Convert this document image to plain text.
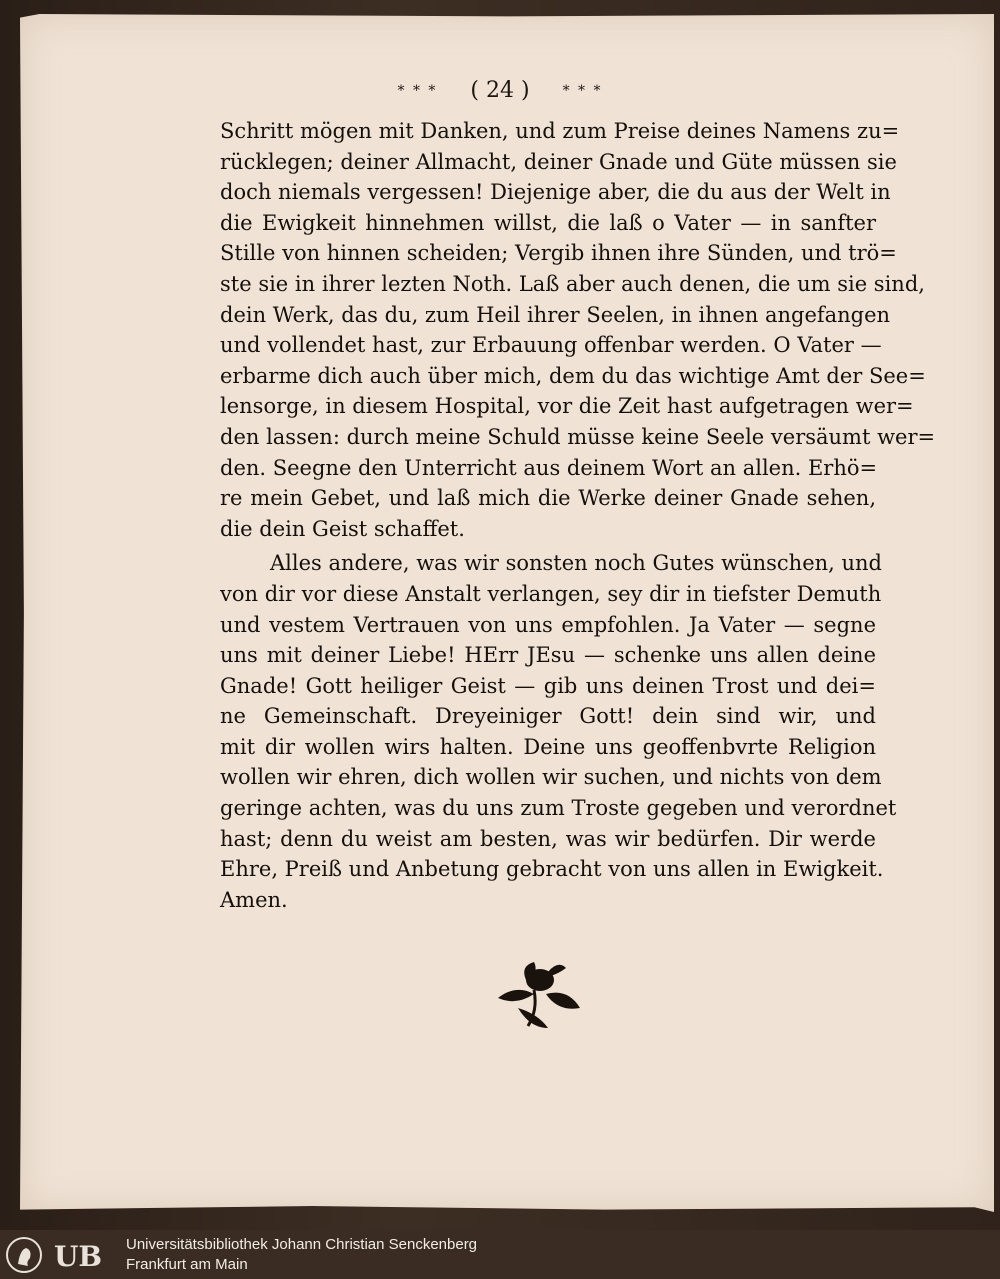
* * * ( 24 ) * * *

Schritt mögen mit Danken, und zum Preise deines Namens zu=
rücklegen; deiner Allmacht, deiner Gnade und Güte müssen sie
doch niemals vergessen! Diejenige aber, die du aus der Welt in
die Ewigkeit hinnehmen willst, die laß o Vater — in sanfter
Stille von hinnen scheiden; Vergib ihnen ihre Sünden, und trö=
ste sie in ihrer lezten Noth. Laß aber auch denen, die um sie sind,
dein Werk, das du, zum Heil ihrer Seelen, in ihnen angefangen
und vollendet hast, zur Erbauung offenbar werden. O Vater —
erbarme dich auch über mich, dem du das wichtige Amt der See=
lensorge, in diesem Hospital, vor die Zeit hast aufgetragen wer=
den lassen: durch meine Schuld müsse keine Seele versäumt wer=
den. Seegne den Unterricht aus deinem Wort an allen. Erhö=
re mein Gebet, und laß mich die Werke deiner Gnade sehen,
die dein Geist schaffet.

Alles andere, was wir sonsten noch Gutes wünschen, und
von dir vor diese Anstalt verlangen, sey dir in tiefster Demuth
und vestem Vertrauen von uns empfohlen. Ja Vater — segne
uns mit deiner Liebe! HErr JEsu — schenke uns allen deine
Gnade! Gott heiliger Geist — gib uns deinen Trost und dei=
ne Gemeinschaft. Dreyeiniger Gott! dein sind wir, und
mit dir wollen wirs halten. Deine uns geoffenbvrte Religion
wollen wir ehren, dich wollen wir suchen, und nichts von dem
geringe achten, was du uns zum Troste gegeben und verordnet
hast; denn du weist am besten, was wir bedürfen. Dir werde
Ehre, Preiß und Anbetung gebracht von uns allen in Ewigkeit.
Amen.

UB Universitätsbibliothek Johann Christian Senckenberg
Frankfurt am Main
